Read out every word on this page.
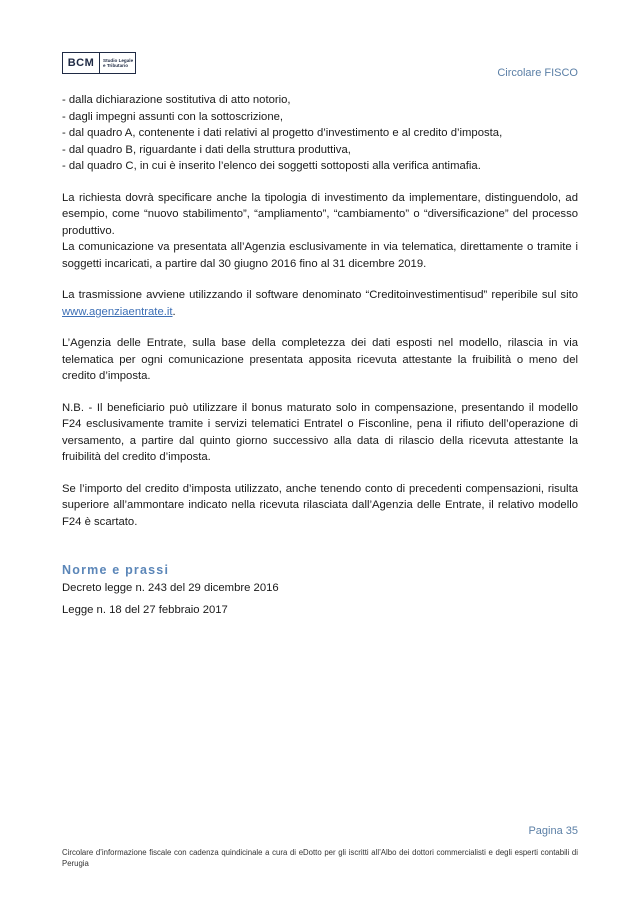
BCM	Studio Legale
e Tributario
Circolare FISCO

- dalla dichiarazione sostitutiva di atto notorio,

- dagli impegni assunti con la sottoscrizione,

- dal quadro A, contenente i dati relativi al progetto d’investimento e al credito d’imposta,

- dal quadro B, riguardante i dati della struttura produttiva,

- dal quadro C, in cui è inserito l’elenco dei soggetti sottoposti alla verifica antimafia.

La richiesta dovrà specificare anche la tipologia di investimento da implementare, distinguendolo, ad esempio, come “nuovo stabilimento”, “ampliamento”, “cambiamento” o “diversificazione” del processo produttivo.

La comunicazione va presentata all’Agenzia esclusivamente in via telematica, direttamente o tramite i soggetti incaricati, a partire dal 30 giugno 2016 fino al 31 dicembre 2019.

La trasmissione avviene utilizzando il software denominato “Creditoinvestimentisud” reperibile sul sito www.agenziaentrate.it.

L’Agenzia delle Entrate, sulla base della completezza dei dati esposti nel modello, rilascia in via telematica per ogni comunicazione presentata apposita ricevuta attestante la fruibilità o meno del credito d’imposta.

N.B. - Il beneficiario può utilizzare il bonus maturato solo in compensazione, presentando il modello F24 esclusivamente tramite i servizi telematici Entratel o Fisconline, pena il rifiuto dell’operazione di versamento, a partire dal quinto giorno successivo alla data di rilascio della ricevuta attestante la fruibilità del credito d’imposta.

Se l’importo del credito d’imposta utilizzato, anche tenendo conto di precedenti compensazioni, risulta superiore all’ammontare indicato nella ricevuta rilasciata dall’Agenzia delle Entrate, il relativo modello F24 è scartato.

Norme e prassi
Decreto legge n. 243 del 29 dicembre 2016
Legge n. 18 del 27 febbraio 2017
Pagina 35
Circolare d’informazione fiscale con cadenza quindicinale a cura di eDotto per gli iscritti all’Albo dei dottori commercialisti e degli esperti contabili di Perugia
